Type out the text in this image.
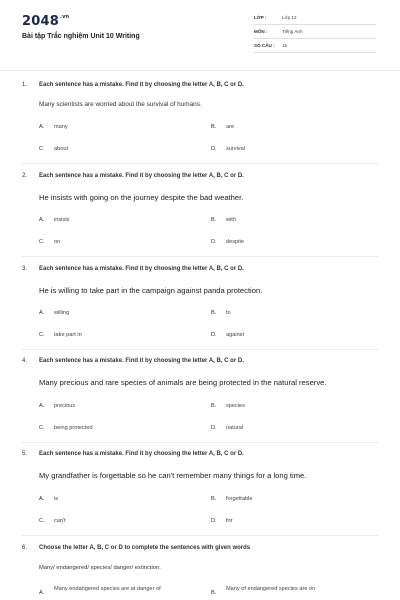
$2048^{.vn}$
Bài tập Trắc nghiệm Unit 10 Writing
LỚP :	Lớp 12
MÔN :	Tiếng Anh
SỐ CÂU : 15
1. Each sentence has a mistake. Find it by choosing the letter A, B, C or D.
Many scientists are worried about the survival of humans.
A. many	B. are
C. about	D. survival
2. Each sentence has a mistake. Find it by choosing the letter A, B, C or D.
He insists with going on the journey despite the bad weather.
A. insists	B. with
C. on	D. despite
3. Each sentence has a mistake. Find it by choosing the letter A, B, C or D.
He is willing to take part in the campaign against panda protection.
A. willing	B. to
C. take part in	D. against
4. Each sentence has a mistake. Find it by choosing the letter A, B, C or D.
Many precious and rare species of animals are being protected in the natural reserve.
A. precious	B. species
C. being protected	D. natural
5. Each sentence has a mistake. Find it by choosing the letter A, B, C or D.
My grandfather is forgettable so he can't remember many things for a long time.
A. is	B. forgettable
C. can't	D. for
6. Choose the letter A, B, C or D to complete the sentences with given words
Many/ endangered/ species/ danger/ extinction.
A.
Many endangered species are at danger of
B.
Many of endangered species are on
